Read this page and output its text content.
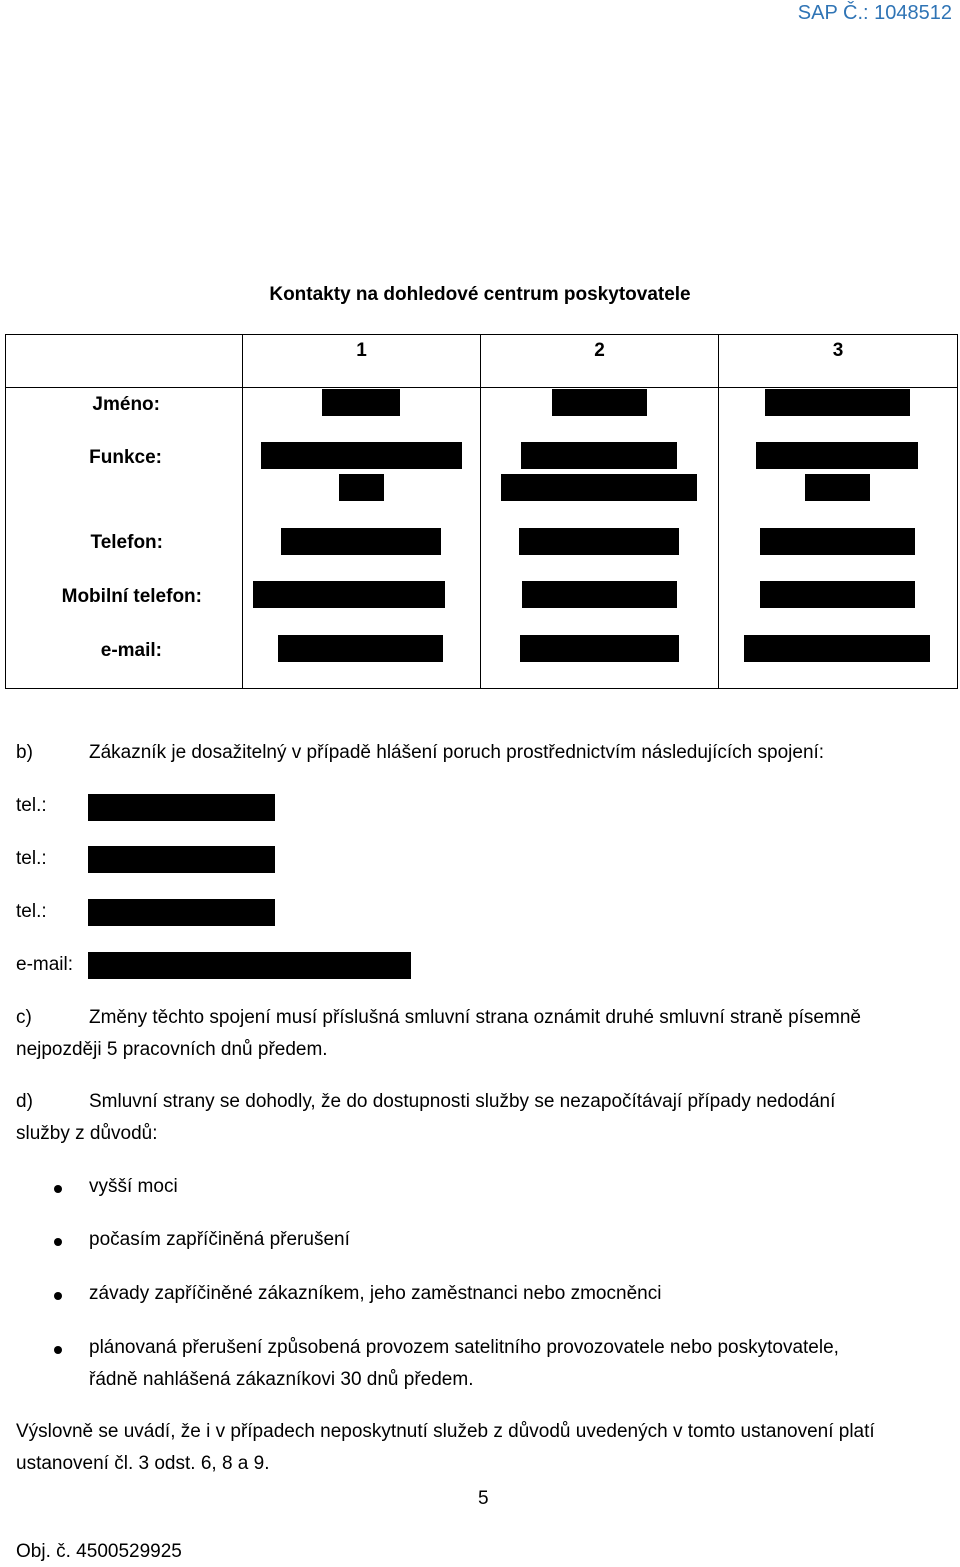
SAP Č.: 1048512
Kontakty na dohledové centrum poskytovatele

	1	2	3

Jméno:
Funkce:
Telefon:
Mobilní telefon:
e-mail:			

b)	Zákazník je dosažitelný v případě hlášení poruch prostřednictvím následujících spojení:
tel.:
tel.:
tel.:
e-mail:
c)	Změny těchto spojení musí příslušná smluvní strana oznámit druhé smluvní straně písemně
nejpozději 5 pracovních dnů předem.
d)	Smluvní strany se dohodly, že do dostupnosti služby se nezapočítávají případy nedodání
služby z důvodů:
vyšší moci
počasím zapříčiněná přerušení
závady zapříčiněné zákazníkem, jeho zaměstnanci nebo zmocněnci
plánovaná přerušení způsobená provozem satelitního provozovatele nebo poskytovatele,
řádně nahlášená zákazníkovi 30 dnů předem.
Výslovně se uvádí, že i v případech neposkytnutí služeb z důvodů uvedených v tomto ustanovení platí
ustanovení čl. 3 odst. 6, 8 a 9.
5
Obj. č. 4500529925
